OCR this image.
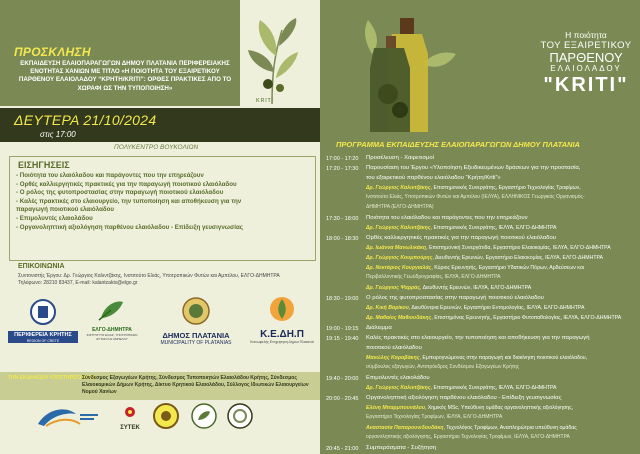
ΠΡΟΣΚΛΗΣΗ
ΕΚΠΑΙΔΕΥΣΗ ΕΛΑΙΟΠΑΡΑΓΩΓΩΝ ΔΗΜΟΥ ΠΛΑΤΑΝΙΑ ΠΕΡΙΦΕΡΕΙΑΚΗΣ ΕΝΟΤΗΤΑΣ ΧΑΝΙΩΝ ΜΕ ΤΙΤΛΟ «Η ΠΟΙΟΤΗΤΑ ΤΟΥ ΕΞΑΙΡΕΤΙΚΟΥ ΠΑΡΘΕΝΟΥ ΕΛΑΙΟΛΑΔΟΥ “ΚΡΗΤΗ/KRITI”: ΟΡΘΕΣ ΠΡΑΚΤΙΚΕΣ ΑΠΟ ΤΟ ΧΩΡΑΦΙ ΩΣ ΤΗΝ ΤΥΠΟΠΟΙΗΣΗ»
KRITI
ΔΕΥΤΕΡΑ 21/10/2024
στις 17:00
ΠΟΛΥΚΕΝΤΡΟ ΒΟΥΚΟΛΙΩΝ
ΕΙΣΗΓΗΣΕΙΣ
- Ποιότητα του ελαιόλαδου και παράγοντες που την επηρεάζουν
- Ορθές καλλιεργητικές πρακτικές για την παραγωγή ποιοτικού ελαιόλαδου
- Ο ρόλος της φυτοπροστασίας στην παραγωγή ποιοτικού ελαιόλαδου
- Καλές πρακτικές στο ελαιουργείο, την τυποποίηση και αποθήκευση για την
παραγωγή ποιοτικού ελαιόλαδου
- Επιμολυντές ελαιολάδου
- Οργανοληπτική αξιολόγηση παρθένου ελαιόλαδου - Επίδειξη γευσιγνωσίας
ΕΠΙΚΟΙΝΩΝΙΑ
Συντονιστής Έργου: Δρ. Γεώργιος Καλιντζάκης, Ινστιτούτο Ελιάς, Υποτροπικών Φυτών και Αμπέλου, ΕΛΓΟ-ΔΗΜΗΤΡΑ
Τηλέφωνο: 28210 83437, E-mail: kalantzakis@elgo.gr
ΠΕΡΙΦΕΡΕΙΑ ΚΡΗΤΗΣ
REGION OF CRETE
ΕΛΓΟ-ΔΗΜΗΤΡΑ
ΙΝΣΤΙΤΟΥΤΟ ΕΛΙΑΣ, ΥΠΟΤΡΟΠΙΚΩΝ ΦΥΤΩΝ ΚΑΙ ΑΜΠΕΛΟΥ	ΔΗΜΟΣ ΠΛΑΤΑΝΙΑ
MUNICIPALITY OF PLATANIAS
Κ.Ε.ΔΗ.Π
Κοινωφελής Επιχείρηση Δήμου Πλατανιά
ΤΗΝ ΕΚΔΗΛΩΣΗ ΥΠΟΣΤΗΡΙΖΟΥΝ ΟΙ:
Σύνδεσμος Εξαγωγέων Κρήτης, Σύνδεσμος Τυποποιητών Ελαιολάδου Κρήτης, Σύνδεσμος Ελαιοκομικών Δήμων Κρήτης, Δίκτυο Κρητικού Ελαιολάδου, Σύλλογος Ιδιωτικών Ελαιουργείων Νομού Χανίων
ΣΥΤΕΚ
Η ποιότητα
ΤΟΥ ΕΞΑΙΡΕΤΙΚΟΥ
ΠΑΡΘΕΝΟΥ
ΕΛΑΙΟΛΑΔΟΥ
"KRITI"
ΠΡΟΓΡΑΜΜΑ ΕΚΠΑΙΔΕΥΣΗΣ ΕΛΑΙΟΠΑΡΑΓΩΓΩΝ ΔΗΜΟΥ ΠΛΑΤΑΝΙΑ
17:00 - 17:20 Προσέλευση - Χαιρετισμοί
17:20 - 17:30 Παρουσίαση του Έργου «Υλοποίηση Εξειδικευμένων δράσεων για την προστασία,
του εξαιρετικού παρθένου ελαιόλαδου “Κρήτη/Kriti”»
Δρ. Γεώργιος Καλιντζάκης, Επιστημονικός Συνεργάτης, Εργαστήριο Τεχνολογίας Τροφίμων,
Ινστιτούτο Ελιάς, Υποτροπικών Φυτών και Αμπέλου (ΙΕΛΥΑ), ΕΛΛΗΝΙΚΟΣ Γεωργικός Οργανισμός-
ΔΗΜΗΤΡΑ (ΕΛΓΟ-ΔΗΜΗΤΡΑ)
17:30 - 18:00 Ποιότητα του ελαιόλαδου και παράγοντες που την επηρεάζουν
Δρ. Γεώργιος Καλιντζάκης, Επιστημονικός Συνεργάτης, ΙΕΛΥΑ, ΕΛΓΟ-ΔΗΜΗΤΡΑ
18:00 - 18:30 Ορθές καλλιεργητικές πρακτικές για την παραγωγή ποιοτικού ελαιόλαδου
Δρ. Ιωάννα Μανωλικάκη, Επιστημονική Συνεργάτιδα, Εργαστήριο Ελαιοκομίας, ΙΕΛΥΑ, ΕΛΓΟ-ΔΗΜΗΤΡΑ
Δρ. Γεώργιος Κουμπούρης, Διευθυντής Ερευνών, Εργαστήριο Ελαιοκομίας, ΙΕΛΥΑ, ΕΛΓΟ-ΔΗΜΗΤΡΑ
Δρ. Νεκτάριος Κουργιαλάς, Κύριος Ερευνητής, Εργαστήριο Υδατικών Πόρων, Αρδεύσεων και
Περιβαλλοντικής Γεωϋδρογραφίας, ΙΕΛΥΑ, ΕΛΓΟ-ΔΗΜΗΤΡΑ
Δρ. Γεώργιος Ψαρράς, Διευθυντής Ερευνών, ΙΕΛΥΑ, ΕΛΓΟ-ΔΗΜΗΤΡΑ
18:30 - 19:00 Ο ρόλος της φυτοπροστασίας στην παραγωγή ποιοτικού ελαιόλαδου
Δρ. Κική Βαρίκου, Διευθύντρια Ερευνών, Εργαστήριο Εντομολογίας, ΙΕΛΥΑ, ΕΛΓΟ-ΔΗΜΗΤΡΑ
Δρ. Μαθαίος Μαθιουδάκης, Επιστημόνας Ερευνητής, Εργαστήριο Φυτοπαθολογίας, ΙΕΛΥΑ, ΕΛΓΟ-ΔΗΜΗΤΡΑ
19:00 - 19:15 Διάλειμμα
19:15 - 19:40 Καλές πρακτικές στο ελαιουργείο, την τυποποίηση και αποθήκευση για την παραγωγή
ποιοτικού ελαιόλαδου
Μανώλης Καραβάκης, Εμπειρογνώμονας στην παραγωγή και διακίνηση ποιοτικού ελαιόλαδου,
σύμβουλος εξαγωγών, Αντιπρόεδρος Συνδέσμου Εξαγωγέων Κρήτης
19:40 - 20:00 Επιμολυντές ελαιολάδου
Δρ. Γεώργιος Καλιντζάκης, Επιστημονικός Συνεργάτης, ΙΕΛΥΑ, ΕΛΓΟ-ΔΗΜΗΤΡΑ
20:00 - 20:45 Οργανοληπτική αξιολόγηση παρθένου ελαιόλαδου - Επίδειξη γευσιγνωσίας
Ελένη Μπαρμπουνάλου, Χημικός MSc, Υπεύθυνη ομάδας οργανοληπτικής αξιολόγησης,
Εργαστήριο Τεχνολογίας Τροφίμων, ΙΕΛΥΑ, ΕΛΓΟ-ΔΗΜΗΤΡΑ
Αναστασία Παπαρουνιδουδάκη, Τεχνολόγος Τροφίμων, Αναπληρώτρια υπεύθυνη ομάδας
οργανοληπτικής αξιολόγησης, Εργαστήριο Τεχνολογίας Τροφίμων, ΙΕΛΥΑ, ΕΛΓΟ-ΔΗΜΗΤΡΑ
20:45 - 21:00 Συμπεράσματα - Συζήτηση
